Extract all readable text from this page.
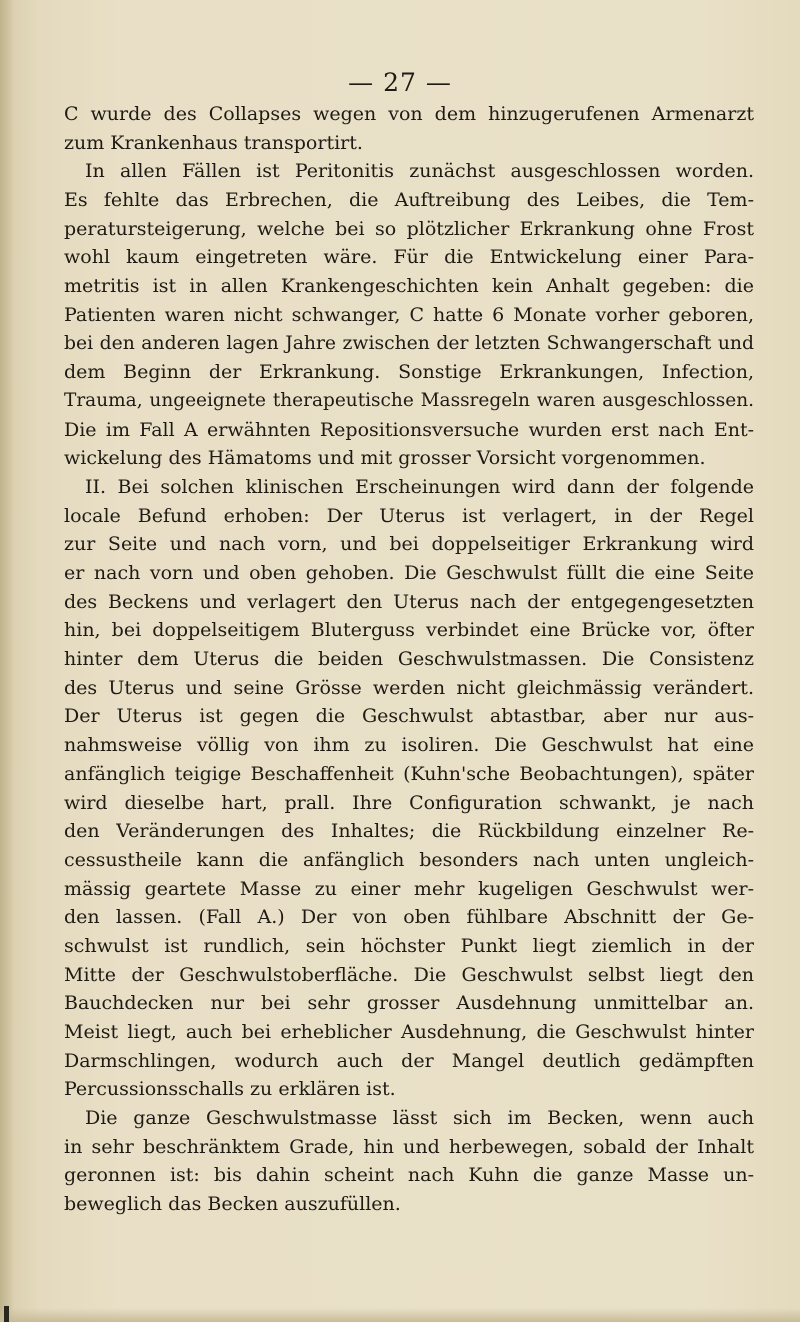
— 27 —
C wurde des Collapses wegen von dem hinzugerufenen Armenarzt
zum Krankenhaus transportirt.
In allen Fällen ist Peritonitis zunächst ausgeschlossen worden.
Es fehlte das Erbrechen, die Auftreibung des Leibes, die Tem-
peratursteigerung, welche bei so plötzlicher Erkrankung ohne Frost
wohl kaum eingetreten wäre. Für die Entwickelung einer Para-
metritis ist in allen Krankengeschichten kein Anhalt gegeben: die
Patienten waren nicht schwanger, C hatte 6 Monate vorher geboren,
bei den anderen lagen Jahre zwischen der letzten Schwangerschaft und
dem Beginn der Erkrankung. Sonstige Erkrankungen, Infection,
Trauma, ungeeignete therapeutische Massregeln waren ausgeschlossen.
Die im Fall A erwähnten Repositionsversuche wurden erst nach Ent-
wickelung des Hämatoms und mit grosser Vorsicht vorgenommen.
II. Bei solchen klinischen Erscheinungen wird dann der folgende
locale Befund erhoben: Der Uterus ist verlagert, in der Regel
zur Seite und nach vorn, und bei doppelseitiger Erkrankung wird
er nach vorn und oben gehoben. Die Geschwulst füllt die eine Seite
des Beckens und verlagert den Uterus nach der entgegengesetzten
hin, bei doppelseitigem Bluterguss verbindet eine Brücke vor, öfter
hinter dem Uterus die beiden Geschwulstmassen. Die Consistenz
des Uterus und seine Grösse werden nicht gleichmässig verändert.
Der Uterus ist gegen die Geschwulst abtastbar, aber nur aus-
nahmsweise völlig von ihm zu isoliren. Die Geschwulst hat eine
anfänglich teigige Beschaffenheit (Kuhn'sche Beobachtungen), später
wird dieselbe hart, prall. Ihre Configuration schwankt, je nach
den Veränderungen des Inhaltes; die Rückbildung einzelner Re-
cessustheile kann die anfänglich besonders nach unten ungleich-
mässig geartete Masse zu einer mehr kugeligen Geschwulst wer-
den lassen. (Fall A.) Der von oben fühlbare Abschnitt der Ge-
schwulst ist rundlich, sein höchster Punkt liegt ziemlich in der
Mitte der Geschwulstoberfläche. Die Geschwulst selbst liegt den
Bauchdecken nur bei sehr grosser Ausdehnung unmittelbar an.
Meist liegt, auch bei erheblicher Ausdehnung, die Geschwulst hinter
Darmschlingen, wodurch auch der Mangel deutlich gedämpften
Percussionsschalls zu erklären ist.
Die ganze Geschwulstmasse lässt sich im Becken, wenn auch
in sehr beschränktem Grade, hin und herbewegen, sobald der Inhalt
geronnen ist: bis dahin scheint nach Kuhn die ganze Masse un-
beweglich das Becken auszufüllen.
